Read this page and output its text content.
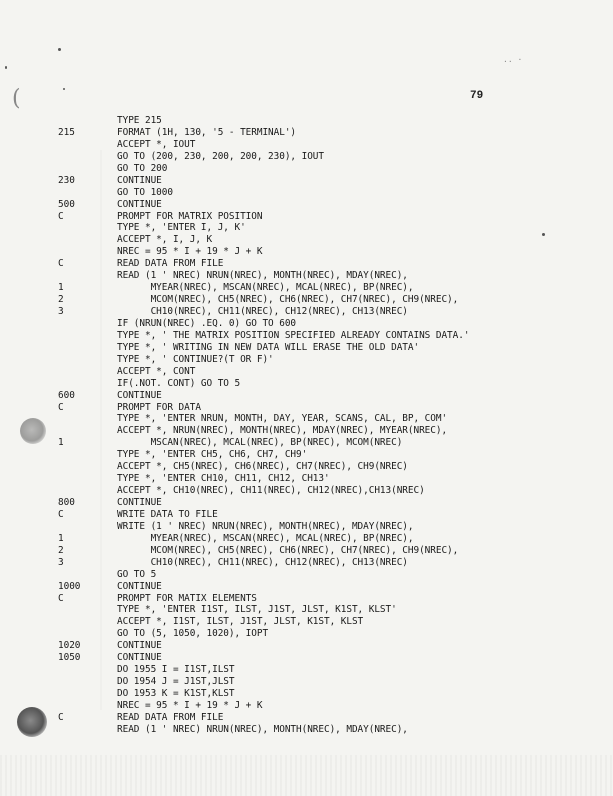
(
.. ·
79
TYPE 215
215	FORMAT (1H, 130, '5 - TERMINAL')
ACCEPT *, IOUT
GO TO (200, 230, 200, 200, 230), IOUT
GO TO 200
230	CONTINUE
GO TO 1000
500	CONTINUE
C	PROMPT FOR MATRIX POSITION
TYPE *, 'ENTER I, J, K'
ACCEPT *, I, J, K
NREC = 95 * I + 19 * J + K
C	READ DATA FROM FILE
READ (1 ' NREC) NRUN(NREC), MONTH(NREC), MDAY(NREC),
1	MYEAR(NREC), MSCAN(NREC), MCAL(NREC), BP(NREC),
2	MCOM(NREC), CH5(NREC), CH6(NREC), CH7(NREC), CH9(NREC),
3	CH10(NREC), CH11(NREC), CH12(NREC), CH13(NREC)
IF (NRUN(NREC) .EQ. 0) GO TO 600
TYPE *, ' THE MATRIX POSITION SPECIFIED ALREADY CONTAINS DATA.'
TYPE *, ' WRITING IN NEW DATA WILL ERASE THE OLD DATA'
TYPE *, ' CONTINUE?(T OR F)'
ACCEPT *, CONT
IF(.NOT. CONT) GO TO 5
600	CONTINUE
C	PROMPT FOR DATA
TYPE *, 'ENTER NRUN, MONTH, DAY, YEAR, SCANS, CAL, BP, COM'
ACCEPT *, NRUN(NREC), MONTH(NREC), MDAY(NREC), MYEAR(NREC),
1	MSCAN(NREC), MCAL(NREC), BP(NREC), MCOM(NREC)
TYPE *, 'ENTER CH5, CH6, CH7, CH9'
ACCEPT *, CH5(NREC), CH6(NREC), CH7(NREC), CH9(NREC)
TYPE *, 'ENTER CH10, CH11, CH12, CH13'
ACCEPT *, CH10(NREC), CH11(NREC), CH12(NREC),CH13(NREC)
800	CONTINUE
C	WRITE DATA TO FILE
WRITE (1 ' NREC) NRUN(NREC), MONTH(NREC), MDAY(NREC),
1	MYEAR(NREC), MSCAN(NREC), MCAL(NREC), BP(NREC),
2	MCOM(NREC), CH5(NREC), CH6(NREC), CH7(NREC), CH9(NREC),
3	CH10(NREC), CH11(NREC), CH12(NREC), CH13(NREC)
GO TO 5
1000	CONTINUE
C	PROMPT FOR MATIX ELEMENTS
TYPE *, 'ENTER I1ST, ILST, J1ST, JLST, K1ST, KLST'
ACCEPT *, I1ST, ILST, J1ST, JLST, K1ST, KLST
GO TO (5, 1050, 1020), IOPT
1020	CONTINUE
1050	CONTINUE
DO 1955 I = I1ST,ILST
DO 1954 J = J1ST,JLST
DO 1953 K = K1ST,KLST
NREC = 95 * I + 19 * J + K
C	READ DATA FROM FILE
READ (1 ' NREC) NRUN(NREC), MONTH(NREC), MDAY(NREC),
